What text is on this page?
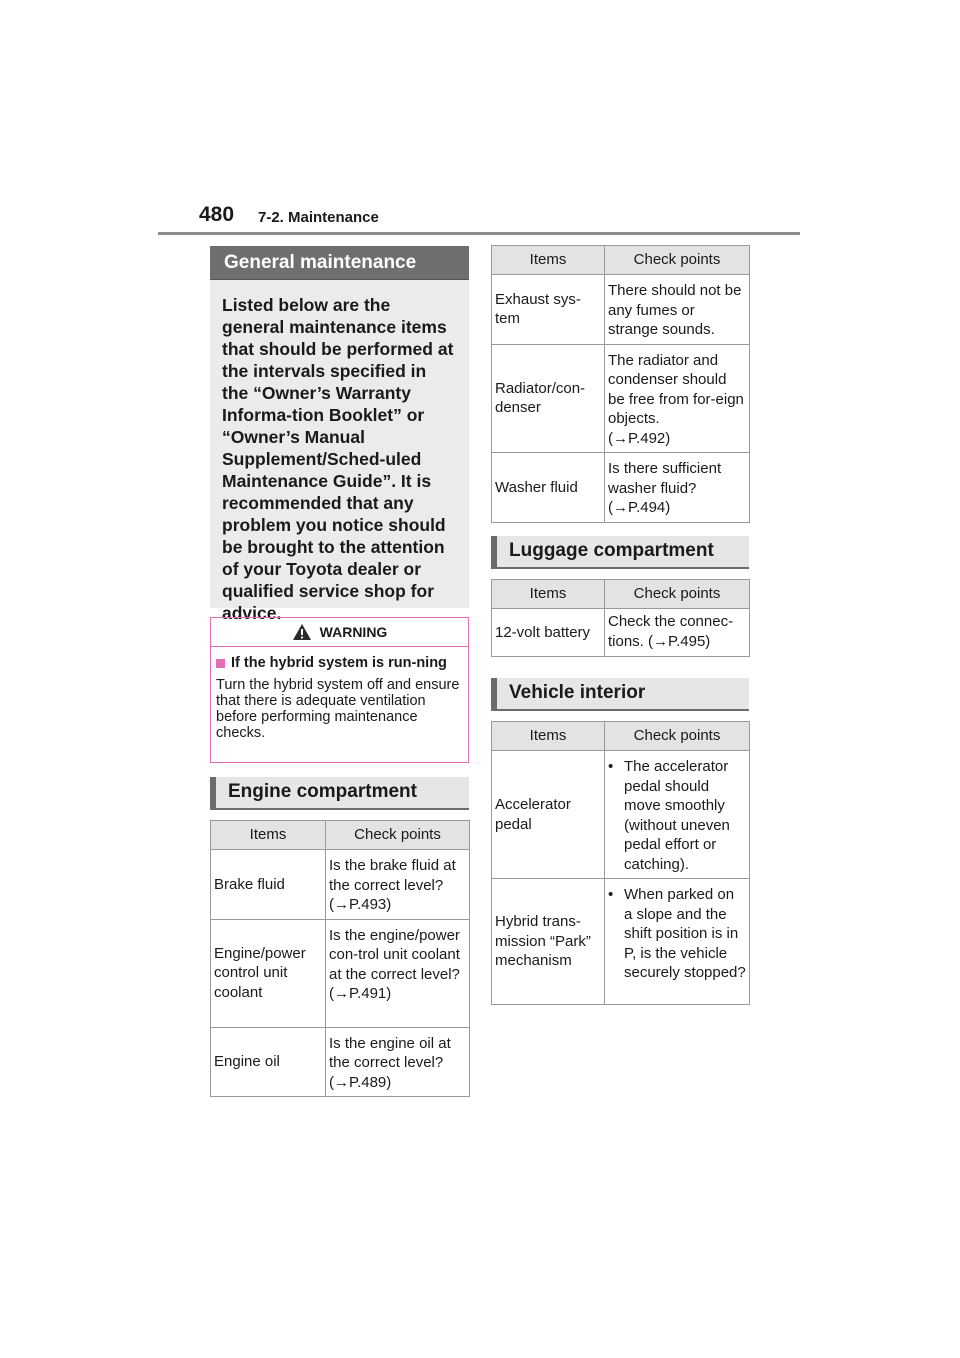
480 7-2. Maintenance
General maintenance
Listed below are the general maintenance items that should be performed at the intervals specified in the “Owner’s Warranty Informa-tion Booklet” or “Owner’s Manual Supplement/Sched-uled Maintenance Guide”. It is recommended that any problem you notice should be brought to the attention of your Toyota dealer or qualified service shop for advice.
WARNING
If the hybrid system is run-ning
Turn the hybrid system off and ensure that there is adequate ventilation before performing maintenance checks.
Engine compartment
Items	Check points
Brake fluid	Is the brake fluid at the correct level?
(→P.493)
Engine/power control unit coolant	Is the engine/power con-trol unit coolant at the correct level?
(→P.491)
Engine oil	Is the engine oil at the correct level?
(→P.489)
Items	Check points
Exhaust sys-tem	There should not be any fumes or strange sounds.
Radiator/con-denser	The radiator and condenser should be free from for-eign objects.
(→P.492)
Washer fluid	Is there sufficient washer fluid?
(→P.494)
Luggage compartment
Items	Check points
12-volt battery	Check the connec-tions. (→P.495)
Vehicle interior
Items	Check points
Accelerator pedal	• The accelerator pedal should move smoothly (without uneven pedal effort or catching).

Hybrid trans-mission “Park” mechanism	• When parked on a slope and the shift position is in P, is the vehicle securely stopped?
